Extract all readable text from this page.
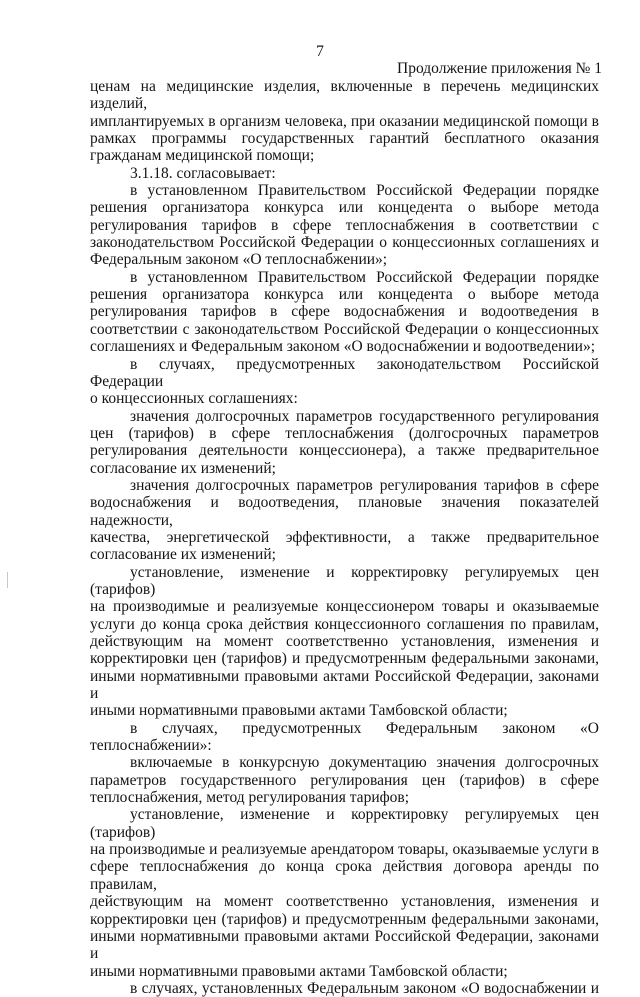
7
Продолжение приложения № 1

ценам на медицинские изделия, включенные в перечень медицинских изделий,

имплантируемых в организм человека, при оказании медицинской помощи в

рамках программы государственных гарантий бесплатного оказания

гражданам медицинской помощи;

3.1.18. согласовывает:

в установленном Правительством Российской Федерации порядке

решения организатора конкурса или концедента о выборе метода

регулирования тарифов в сфере теплоснабжения в соответствии с

законодательством Российской Федерации о концессионных соглашениях и

Федеральным законом «О теплоснабжении»;

в установленном Правительством Российской Федерации порядке

решения организатора конкурса или концедента о выборе метода

регулирования тарифов в сфере водоснабжения и водоотведения в

соответствии с законодательством Российской Федерации о концессионных

соглашениях и Федеральным законом «О водоснабжении и водоотведении»;

в случаях, предусмотренных законодательством Российской Федерации

о концессионных соглашениях:

значения долгосрочных параметров государственного регулирования

цен (тарифов) в сфере теплоснабжения (долгосрочных параметров

регулирования деятельности концессионера), а также предварительное

согласование их изменений;

значения долгосрочных параметров регулирования тарифов в сфере

водоснабжения и водоотведения, плановые значения показателей надежности,

качества, энергетической эффективности, а также предварительное

согласование их изменений;

установление, изменение и корректировку регулируемых цен (тарифов)

на производимые и реализуемые концессионером товары и оказываемые

услуги до конца срока действия концессионного соглашения по правилам,

действующим на момент соответственно установления, изменения и

корректировки цен (тарифов) и предусмотренным федеральными законами,

иными нормативными правовыми актами Российской Федерации, законами и

иными нормативными правовыми актами Тамбовской области;

в случаях, предусмотренных Федеральным законом «О

теплоснабжении»:

включаемые в конкурсную документацию значения долгосрочных

параметров государственного регулирования цен (тарифов) в сфере

теплоснабжения, метод регулирования тарифов;

установление, изменение и корректировку регулируемых цен (тарифов)

на производимые и реализуемые арендатором товары, оказываемые услуги в

сфере теплоснабжения до конца срока действия договора аренды по правилам,

действующим на момент соответственно установления, изменения и

корректировки цен (тарифов) и предусмотренным федеральными законами,

иными нормативными правовыми актами Российской Федерации, законами и

иными нормативными правовыми актами Тамбовской области;

в случаях, установленных Федеральным законом «О водоснабжении и
